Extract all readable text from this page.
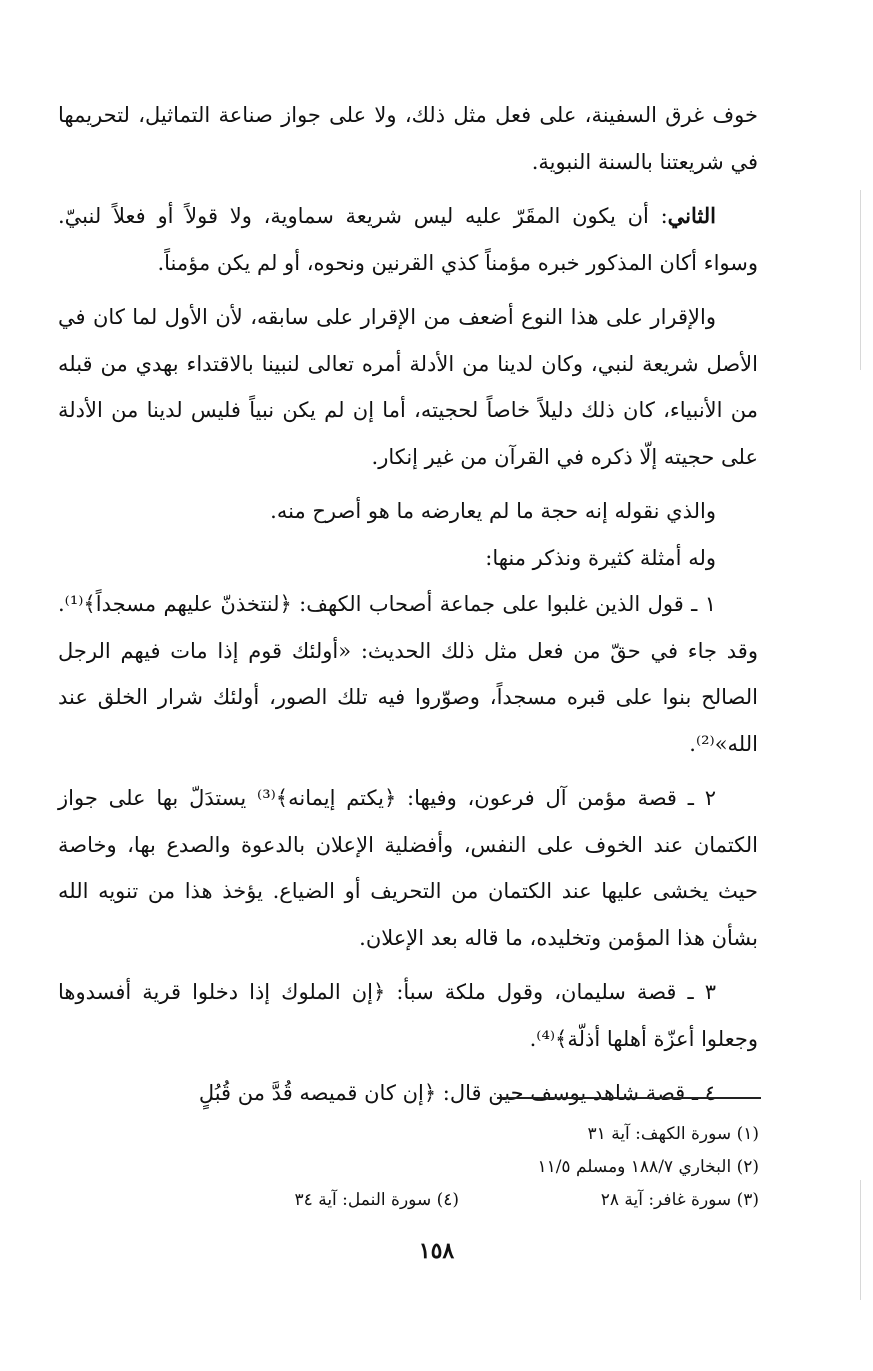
خوف غرق السفينة، على فعل مثل ذلك، ولا على جواز صناعة التماثيل، لتحريمها في شريعتنا بالسنة النبوية.

الثاني: أن يكون المقَرّ عليه ليس شريعة سماوية، ولا قولاً أو فعلاً لنبيّ. وسواء أكان المذكور خبره مؤمناً كذي القرنين ونحوه، أو لم يكن مؤمناً.

والإقرار على هذا النوع أضعف من الإقرار على سابقه، لأن الأول لما كان في الأصل شريعة لنبي، وكان لدينا من الأدلة أمره تعالى لنبينا بالاقتداء بهدي من قبله من الأنبياء، كان ذلك دليلاً خاصاً لحجيته، أما إن لم يكن نبياً فليس لدينا من الأدلة على حجيته إلّا ذكره في القرآن من غير إنكار.

والذي نقوله إنه حجة ما لم يعارضه ما هو أصرح منه.

وله أمثلة كثيرة ونذكر منها:

١ ـ قول الذين غلبوا على جماعة أصحاب الكهف: ﴿لنتخذنّ عليهم مسجداً﴾⁽¹⁾. وقد جاء في حقّ من فعل مثل ذلك الحديث: «أولئك قوم إذا مات فيهم الرجل الصالح بنوا على قبره مسجداً، وصوّروا فيه تلك الصور، أولئك شرار الخلق عند الله»⁽²⁾.

٢ ـ قصة مؤمن آل فرعون، وفيها: ﴿يكتم إيمانه﴾⁽³⁾ يستدَلّ بها على جواز الكتمان عند الخوف على النفس، وأفضلية الإعلان بالدعوة والصدع بها، وخاصة حيث يخشى عليها عند الكتمان من التحريف أو الضياع. يؤخذ هذا من تنويه الله بشأن هذا المؤمن وتخليده، ما قاله بعد الإعلان.

٣ ـ قصة سليمان، وقول ملكة سبأ: ﴿إن الملوك إذا دخلوا قرية أفسدوها وجعلوا أعزّة أهلها أذلّة﴾⁽⁴⁾.

٤ ـ قصة شاهد يوسف حين قال: ﴿إن كان قميصه قُدَّ من قُبُلٍ

(١) سورة الكهف: آية ٣١
(٢) البخاري ١٨٨/٧ ومسلم ١١/٥
(٣) سورة غافر: آية ٢٨
(٤) سورة النمل: آية ٣٤
١٥٨
